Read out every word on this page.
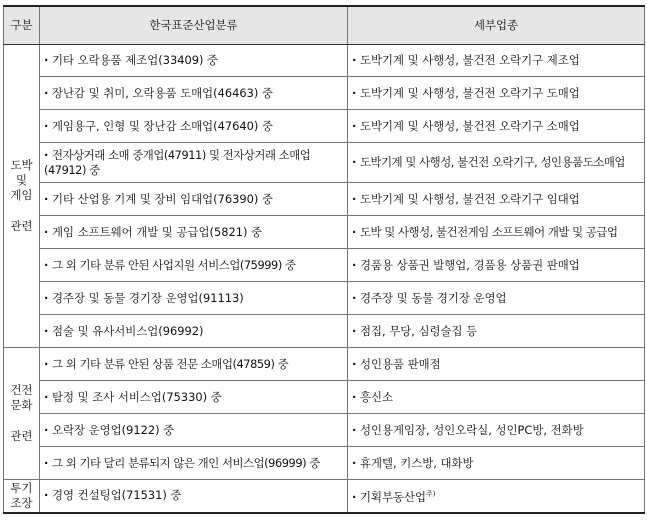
구분	한국표준산업분류	세부업종

도박
및
게임
관련	· 기타 오락용품 제조업(33409) 중	· 도박기계 및 사행성, 불건전 오락기구 제조업
	· 장난감 및 취미, 오락용품 도매업(46463) 중	· 도박기계 및 사행성, 불건전 오락기구 도매업
	· 게임용구, 인형 및 장난감 소매업(47640) 중	· 도박기계 및 사행성, 불건전 오락기구 소매업
	· 전자상거래 소매 중개업(47911) 및 전자상거래 소매업(47912) 중	· 도박기계 및 사행성, 불건전 오락기구, 성인용품도소매업
	· 기타 산업용 기계 및 장비 임대업(76390) 중	· 도박기계 및 사행성, 불건전 오락기구 임대업
	· 게임 소프트웨어 개발 및 공급업(5821) 중	· 도박 및 사행성, 불건전게임 소프트웨어 개발 및 공급업
	· 그 외 기타 분류 안된 사업지원 서비스업(75999) 중	· 경품용 상품권 발행업, 경품용 상품권 판매업
	· 경주장 및 동물 경기장 운영업(91113)	· 경주장 및 동물 경기장 운영업
	· 점술 및 유사서비스업(96992)	· 점집, 무당, 심령술집 등

건전
문화
관련	· 그 외 기타 분류 안된 상품 전문 소매업(47859) 중	· 성인용품 판매점
	· 탐정 및 조사 서비스업(75330) 중	· 흥신소
	· 오락장 운영업(9122) 중	· 성인용게임장, 성인오락실, 성인PC방, 전화방
	· 그 외 기타 달리 분류되지 않은 개인 서비스업(96999) 중	· 휴게텔, 키스방, 대화방

투기
조장	· 경영 컨설팅업(71531) 중	· 기획부동산업$^{주)}$
